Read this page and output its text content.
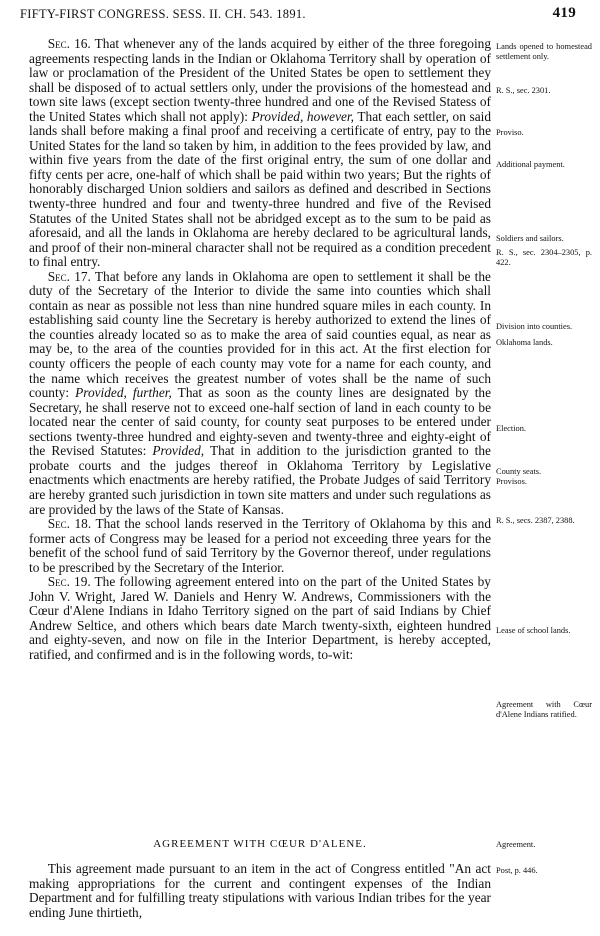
FIFTY-FIRST CONGRESS. SESS. II. CH. 543. 1891.	419

Sec. 16. That whenever any of the lands acquired by either of the three foregoing agreements respecting lands in the Indian or Oklahoma Territory shall by operation of law or proclamation of the President of the United States be open to settlement they shall be disposed of to actual settlers only, under the provisions of the homestead and town site laws (except section twenty-three hundred and one of the Revised Statess of the United States which shall not apply): Provided, however, That each settler, on said lands shall before making a final proof and receiving a certificate of entry, pay to the United States for the land so taken by him, in addition to the fees provided by law, and within five years from the date of the first original entry, the sum of one dollar and fifty cents per acre, one-half of which shall be paid within two years; But the rights of honorably discharged Union soldiers and sailors as defined and described in Sections twenty-three hundred and four and twenty-three hundred and five of the Revised Statutes of the United States shall not be abridged except as to the sum to be paid as aforesaid, and all the lands in Oklahoma are hereby declared to be agricultural lands, and proof of their non-mineral character shall not be required as a condition precedent to final entry.

Sec. 17. That before any lands in Oklahoma are open to settlement it shall be the duty of the Secretary of the Interior to divide the same into counties which shall contain as near as possible not less than nine hundred square miles in each county. In establishing said county line the Secretary is hereby authorized to extend the lines of the counties already located so as to make the area of said counties equal, as near as may be, to the area of the counties provided for in this act. At the first election for county officers the people of each county may vote for a name for each county, and the name which receives the greatest number of votes shall be the name of such county: Provided, further, That as soon as the county lines are designated by the Secretary, he shall reserve not to exceed one-half section of land in each county to be located near the center of said county, for county seat purposes to be entered under sections twenty-three hundred and eighty-seven and twenty-three and eighty-eight of the Revised Statutes: Provided, That in addition to the jurisdiction granted to the probate courts and the judges thereof in Oklahoma Territory by Legislative enactments which enactments are hereby ratified, the Probate Judges of said Territory are hereby granted such jurisdiction in town site matters and under such regulations as are provided by the laws of the State of Kansas.

Sec. 18. That the school lands reserved in the Territory of Oklahoma by this and former acts of Congress may be leased for a period not exceeding three years for the benefit of the school fund of said Territory by the Governor thereof, under regulations to be prescribed by the Secretary of the Interior.

Sec. 19. The following agreement entered into on the part of the United States by John V. Wright, Jared W. Daniels and Henry W. Andrews, Commissioners with the Cœur d'Alene Indians in Idaho Territory signed on the part of said Indians by Chief Andrew Seltice, and others which bears date March twenty-sixth, eighteen hundred and eighty-seven, and now on file in the Interior Department, is hereby accepted, ratified, and confirmed and is in the following words, to-wit:

AGREEMENT WITH CŒUR D'ALENE.

This agreement made pursuant to an item in the act of Congress entitled "An act making appropriations for the current and contingent expenses of the Indian Department and for fulfilling treaty stipulations with various Indian tribes for the year ending June thirtieth,

Lands opened to homestead settlement only.
R. S., sec. 2301.
Proviso.
Additional payment.
Soldiers and sailors.
R. S., sec. 2304–2305, p. 422.
Division into counties.
Oklahoma lands.
Election.
County seats.
Provisos.
R. S., secs. 2387, 2388.
Lease of school lands.
Agreement with Cœur d'Alene Indians ratified.
Agreement.
Post, p. 446.
